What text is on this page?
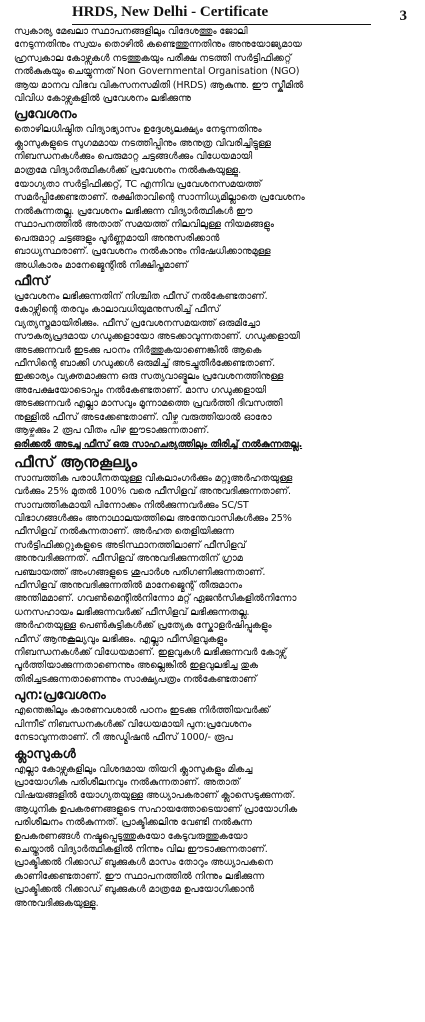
HRDS, New Delhi - Certificate	3
സ്വകാര്യ മേഖലാ സ്ഥാപനങ്ങളിലും വിദേശത്തും ജോലി
നേടുന്നതിനും സ്വയം തൊഴിൽ കണ്ടെത്തുന്നതിനും അനുയോജ്യമായ
ഹ്രസ്വകാല കോഴ്സുകൾ നടത്തുകയും പരീക്ഷ നടത്തി സർട്ടിഫിക്കറ്റ്
നൽകുകയും ചെയ്യുന്നത് Non Governmental Organisation (NGO)
ആയ മാനവ വിഭവ വികസനസമിതി (HRDS) ആകുന്നു. ഈ സ്കീമിൽ
വിവിധ കോഴ്സുകളിൽ പ്രവേശനം ലഭിക്കുന്നു
പ്രവേശനം
തൊഴിലധിഷ്ഠിത വിദ്യാഭ്യാസം ഉദ്ദേശ്യലക്ഷ്യം നേടുന്നതിനും
ക്ലാസുകളുടെ സുഗമമായ നടത്തിപ്പിനും അനുത്ര വിവരിച്ചിട്ടുള്ള
നിബന്ധനകൾക്കും പെരുമാറ്റ ചട്ടങ്ങൾക്കും വിധേയമായി
മാത്രമേ വിദ്യാർത്ഥികൾക്ക് പ്രവേശനം നൽകുകയുള്ളൂ.
യോഗ്യതാ സർട്ടിഫിക്കറ്റ്, TC എന്നിവ പ്രവേശനസമയത്ത്
സമർപ്പിക്കേണ്ടതാണ്. രക്ഷിതാവിന്റെ സാന്നിധ്യമില്ലാതെ പ്രവേശനം
നൽകുന്നതല്ല. പ്രവേശനം ലഭിക്കുന്ന വിദ്യാർത്ഥികൾ ഈ
സ്ഥാപനത്തിൽ അതാത് സമയത്ത് നിലവിലുള്ള നിയമങ്ങളും
പെരുമാറ്റ ചട്ടങ്ങളും പൂർണ്ണമായി അനുസരിക്കാൻ
ബാധ്യസ്ഥരാണ്. പ്രവേശനം നൽകാനും നിഷേധിക്കാനുമുള്ള
അധികാരം മാനേജ്മെന്റിൽ നിക്ഷിപ്തമാണ്
ഫീസ്
പ്രവേശനം ലഭിക്കുന്നതിന് നിശ്ചിത ഫീസ് നൽകേണ്ടതാണ്.
കോഴ്സിന്റെ തരവും കാലാവധിയുമനുസരിച്ച് ഫീസ്
വ്യത്യസ്തമായിരിക്കും. ഫീസ് പ്രവേശനസമയത്ത് ഒരുമിച്ചോ
സൗകര്യപ്രദമായ ഗഡുക്കളായോ അടക്കാവുന്നതാണ്. ഗഡുക്കളായി
അടക്കുന്നവർ ഇടക്കു പഠനം നിർത്തുകയാണെങ്കിൽ ആകെ
ഫീസിന്റെ ബാക്കി ഗഡുക്കൾ ഒരുമിച്ച് അടച്ചുതീർക്കേണ്ടതാണ്.
ഇക്കാര്യം വ്യക്തമാക്കുന്ന ഒരു സത്യവാങ്മൂലം പ്രവേശനത്തിനുള്ള
അപേക്ഷയോടൊപ്പം നൽകേണ്ടതാണ്. മാസ ഗഡുക്കളായി
അടക്കുന്നവർ എല്ലാ മാസവും മൂന്നാമത്തെ പ്രവർത്തി ദിവസത്തി
നുള്ളിൽ ഫീസ് അടക്കേണ്ടതാണ്. വീഴ്ച വരുത്തിയാൽ ഓരോ
ആഴ്ചക്കും 2 രൂപ വീതം പിഴ ഈടാക്കുന്നതാണ്.
ഒരിക്കൽ അടച്ച ഫീസ് ഒരു സാഹചര്യത്തിലും തിരിച്ച് നൽകുന്നതല്ല.
ഫീസ് ആനുകൂല്യം
സാമ്പത്തിക പരാധീനതയുള്ള വികലാംഗർക്കും മറ്റുഅർഹതയുള്ള
വർക്കും 25% മുതൽ 100% വരെ ഫീസിളവ് അനുവദിക്കുന്നതാണ്.
സാമ്പത്തികമായി പിന്നോക്കം നിൽക്കുന്നവർക്കും SC/ST
വിഭാഗങ്ങൾക്കും അനാഥാലയത്തിലെ അന്തേവാസികൾക്കും 25%
ഫീസിളവ് നൽകുന്നതാണ്. അർഹത തെളിയിക്കുന്ന
സർട്ടിഫിക്കറ്റുകളുടെ അടിസ്ഥാനത്തിലാണ് ഫീസിളവ്
അനുവദിക്കുന്നത്. ഫീസിളവ് അനുവദിക്കുന്നതിന് ഗ്രാമ
പഞ്ചായത്ത് അംഗങ്ങളുടെ ശുപാർശ പരിഗണിക്കുന്നതാണ്.
ഫീസിളവ് അനുവദിക്കുന്നതിൽ മാനേജ്മെന്റ് തീരുമാനം
അന്തിമമാണ്. ഗവൺമെന്റിൽനിന്നോ മറ്റ് ഏജൻസികളിൽനിന്നോ
ധനസഹായം ലഭിക്കുന്നവർക്ക് ഫീസിളവ് ലഭിക്കുന്നതല്ല.
അർഹതയുള്ള പെൺകുട്ടികൾക്ക് പ്രത്യേക സ്കോളർഷിപ്പുകളും
ഫീസ് ആനുകൂല്യവും ലഭിക്കും. എല്ലാ ഫീസിളവുകളും
നിബന്ധനകൾക്ക് വിധേയമാണ്. ഇളവുകൾ ലഭിക്കുന്നവർ കോഴ്സ്
പൂർത്തിയാക്കുന്നതാണെന്നും അല്ലെങ്കിൽ ഇളവുലഭിച്ച തുക
തിരിച്ചടക്കുന്നതാണെന്നും സാക്ഷ്യപത്രം നൽകേണ്ടതാണ്
പുന:പ്രവേശനം
എന്തെങ്കിലും കാരണവശാൽ പഠനം ഇടക്കു നിർത്തിയവർക്ക്
പിന്നീട് നിബന്ധനകൾക്ക് വിധേയമായി പുന:പ്രവേശനം
നേടാവുന്നതാണ്. റീ അഡ്മിഷൻ ഫീസ് 1000/- രൂപ
ക്ലാസുകൾ
എല്ലാ കോഴ്സുകളിലും വിശദമായ തിയറി ക്ലാസുകളും മികച്ച
പ്രായോഗിക പരിശീലനവും നൽകുന്നതാണ്. അതാത്
വിഷയങ്ങളിൽ യോഗ്യതയുള്ള അധ്യാപകരാണ് ക്ലാസെടുക്കുന്നത്.
ആധുനിക ഉപകരണങ്ങളുടെ സഹായത്തോടെയാണ് പ്രായോഗിക
പരിശീലനം നൽകുന്നത്. പ്രാക്ടിക്കലിനു വേണ്ടി നൽകുന്ന
ഉപകരണങ്ങൾ നഷ്ടപ്പെടുത്തുകയോ കേടുവരുത്തുകയോ
ചെയ്താൽ വിദ്യാർത്ഥികളിൽ നിന്നും വില ഈടാക്കുന്നതാണ്.
പ്രാക്ടിക്കൽ റിക്കാഡ് ബുക്കുകൾ മാസം തോറും അധ്യാപകനെ
കാണിക്കേണ്ടതാണ്. ഈ സ്ഥാപനത്തിൽ നിന്നും ലഭിക്കുന്ന
പ്രാക്ടിക്കൽ റിക്കാഡ് ബുക്കുകൾ മാത്രമേ ഉപയോഗിക്കാൻ
അനുവദിക്കുകയുള്ളൂ.
